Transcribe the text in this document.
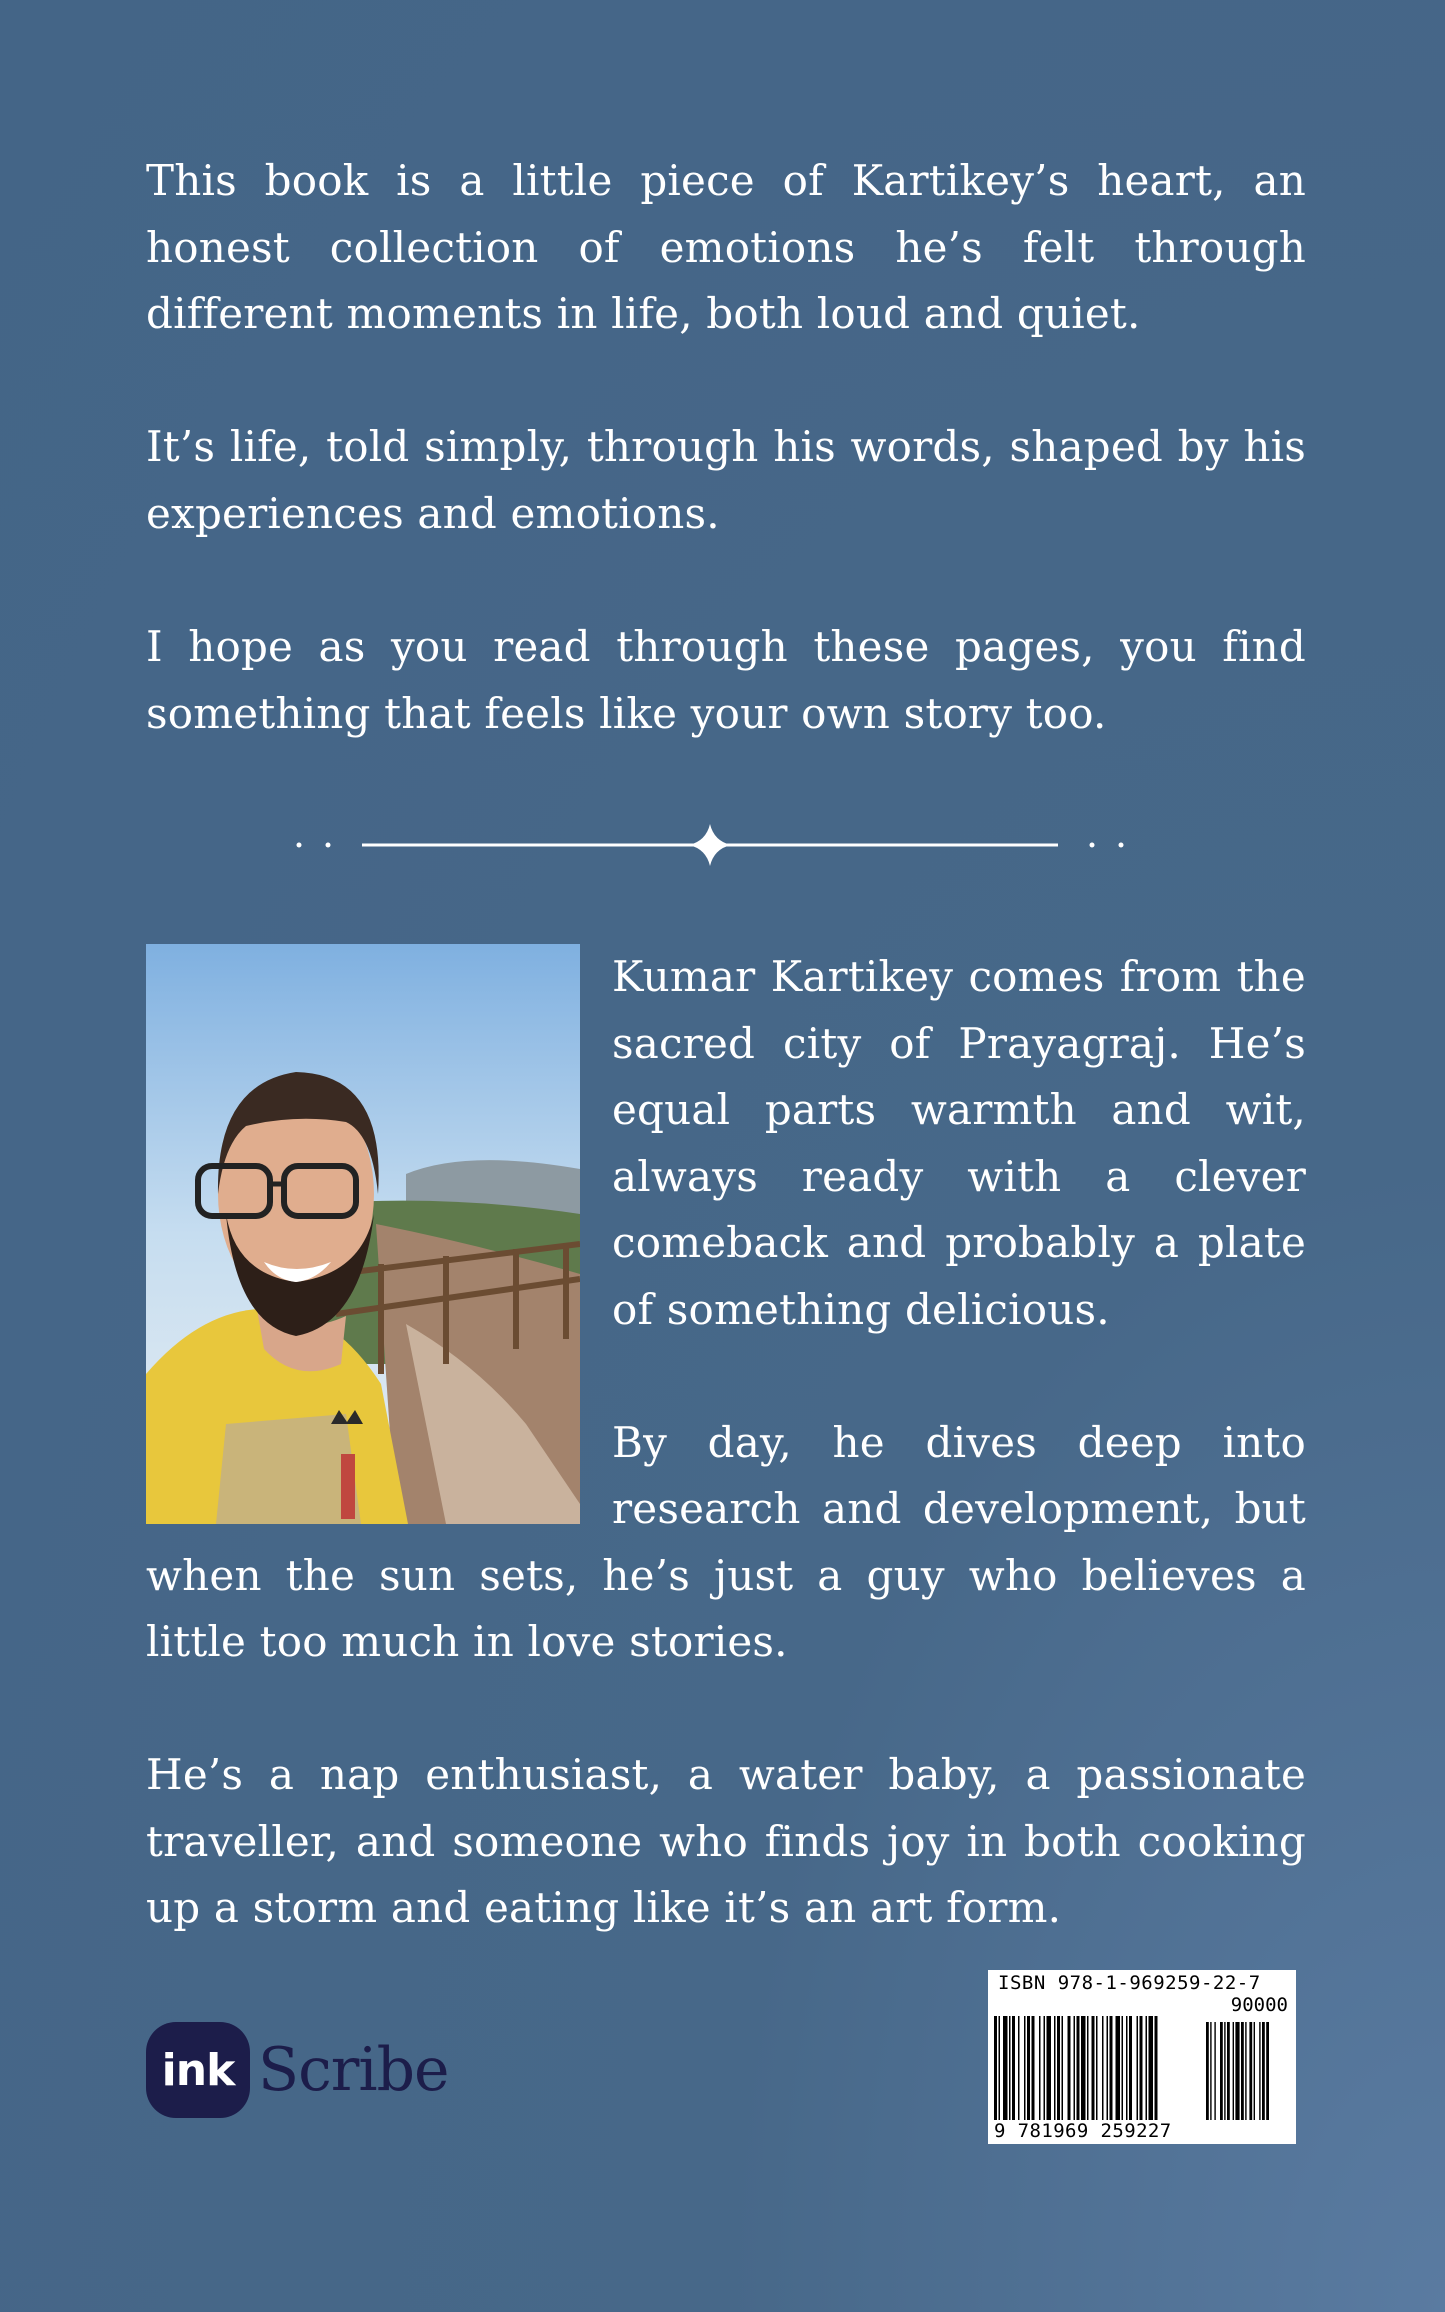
This book is a little piece of Kartikey’s heart, an honest collection of emotions he’s felt through different moments in life, both loud and quiet.

It’s life, told simply, through his words, shaped by his experiences and emotions.

I hope as you read through these pages, you find something that feels like your own story too.

Kumar Kartikey comes from the sacred city of Prayagraj. He’s equal parts warmth and wit, always ready with a clever comeback and probably a plate of something delicious.

By day, he dives deep into research and development, but when the sun sets, he’s just a guy who believes a little too much in love stories.

He’s a nap enthusiast, a water baby, a passionate traveller, and someone who finds joy in both cooking up a storm and eating like it’s an art form.

ink Scribe
ISBN 978-1-969259-22-7
90000
9 781969 259227
